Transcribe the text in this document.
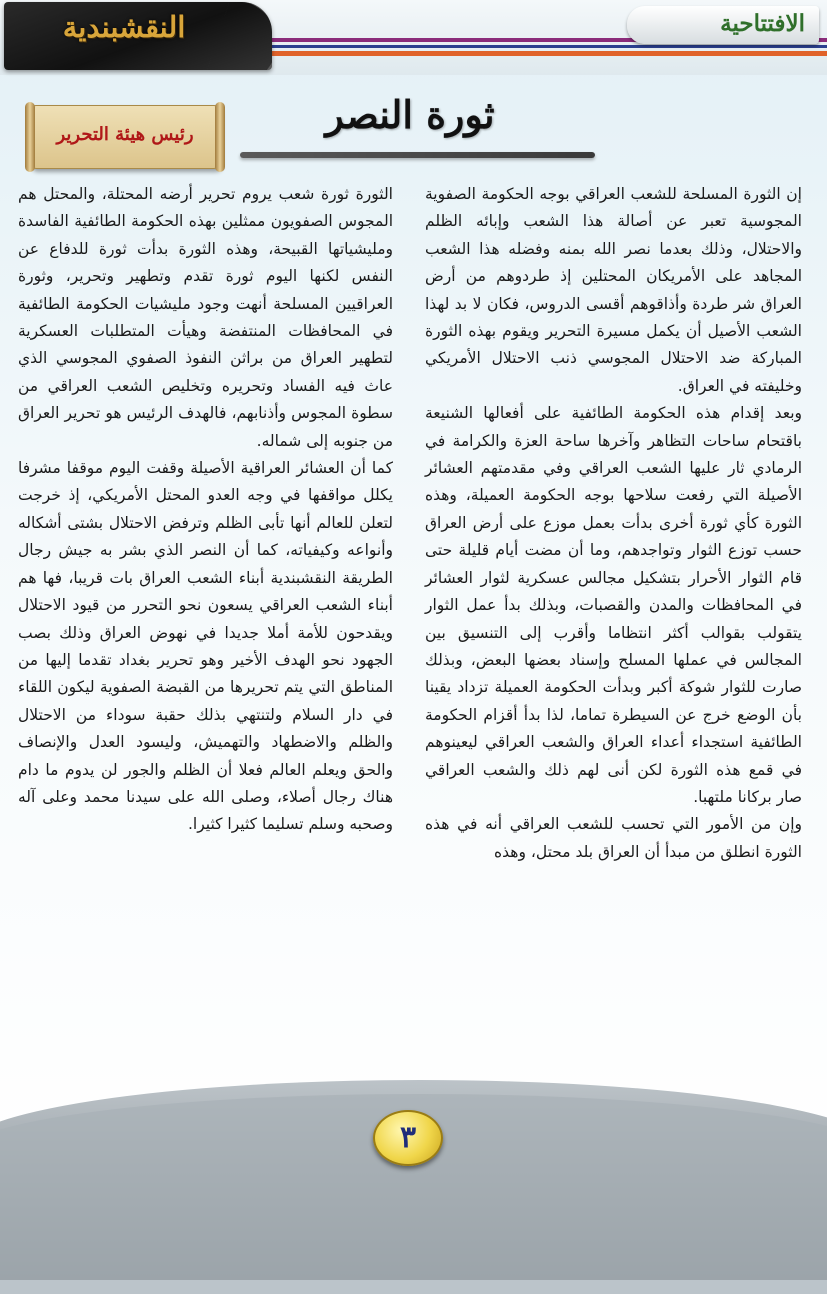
النقشبندية	الافتتاحية
رئيس هيئة التحرير	ثورة النصر

إن الثورة المسلحة للشعب العراقي بوجه الحكومة الصفوية المجوسية تعبر عن أصالة هذا الشعب وإبائه الظلم والاحتلال، وذلك بعدما نصر الله بمنه وفضله هذا الشعب المجاهد على الأمريكان المحتلين إذ طردوهم من أرض العراق شر طردة وأذاقوهم أقسى الدروس، فكان لا بد لهذا الشعب الأصيل أن يكمل مسيرة التحرير ويقوم بهذه الثورة المباركة ضد الاحتلال المجوسي ذنب الاحتلال الأمريكي وخليفته في العراق.

وبعد إقدام هذه الحكومة الطائفية على أفعالها الشنيعة باقتحام ساحات التظاهر وآخرها ساحة العزة والكرامة في الرمادي ثار عليها الشعب العراقي وفي مقدمتهم العشائر الأصيلة التي رفعت سلاحها بوجه الحكومة العميلة، وهذه الثورة كأي ثورة أخرى بدأت بعمل موزع على أرض العراق حسب توزع الثوار وتواجدهم، وما أن مضت أيام قليلة حتى قام الثوار الأحرار بتشكيل مجالس عسكرية لثوار العشائر في المحافظات والمدن والقصبات، وبذلك بدأ عمل الثوار يتقولب بقوالب أكثر انتظاما وأقرب إلى التنسيق بين المجالس في عملها المسلح وإسناد بعضها البعض، وبذلك صارت للثوار شوكة أكبر وبدأت الحكومة العميلة تزداد يقينا بأن الوضع خرج عن السيطرة تماما، لذا بدأ أقزام الحكومة الطائفية استجداء أعداء العراق والشعب العراقي ليعينوهم في قمع هذه الثورة لكن أنى لهم ذلك والشعب العراقي صار بركانا ملتهبا.

وإن من الأمور التي تحسب للشعب العراقي أنه في هذه الثورة انطلق من مبدأ أن العراق بلد محتل، وهذه

الثورة ثورة شعب يروم تحرير أرضه المحتلة، والمحتل هم المجوس الصفويون ممثلين بهذه الحكومة الطائفية الفاسدة وملیشیاتها القبيحة، وهذه الثورة بدأت ثورة للدفاع عن النفس لكنها اليوم ثورة تقدم وتطهير وتحرير، وثورة العراقيين المسلحة أنهت وجود مليشيات الحكومة الطائفية في المحافظات المنتفضة وهيأت المتطلبات العسكرية لتطهير العراق من براثن النفوذ الصفوي المجوسي الذي عاث فيه الفساد وتحريره وتخليص الشعب العراقي من سطوة المجوس وأذنابهم، فالهدف الرئيس هو تحرير العراق من جنوبه إلى شماله.

كما أن العشائر العراقية الأصيلة وقفت اليوم موقفا مشرفا يكلل مواقفها في وجه العدو المحتل الأمريكي، إذ خرجت لتعلن للعالم أنها تأبى الظلم وترفض الاحتلال بشتى أشكاله وأنواعه وكيفياته، كما أن النصر الذي بشر به جيش رجال الطريقة النقشبندية أبناء الشعب العراق بات قريبا، فها هم أبناء الشعب العراقي يسعون نحو التحرر من قيود الاحتلال ويقدحون للأمة أملا جديدا في نهوض العراق وذلك بصب الجهود نحو الهدف الأخير وهو تحرير بغداد تقدما إليها من المناطق التي يتم تحريرها من القبضة الصفوية ليكون اللقاء في دار السلام ولتنتهي بذلك حقبة سوداء من الاحتلال والظلم والاضطهاد والتهميش، وليسود العدل والإنصاف والحق ويعلم العالم فعلا أن الظلم والجور لن يدوم ما دام هناك رجال أصلاء، وصلى الله على سيدنا محمد وعلى آله وصحبه وسلم تسليما كثيرا كثيرا.

٣
